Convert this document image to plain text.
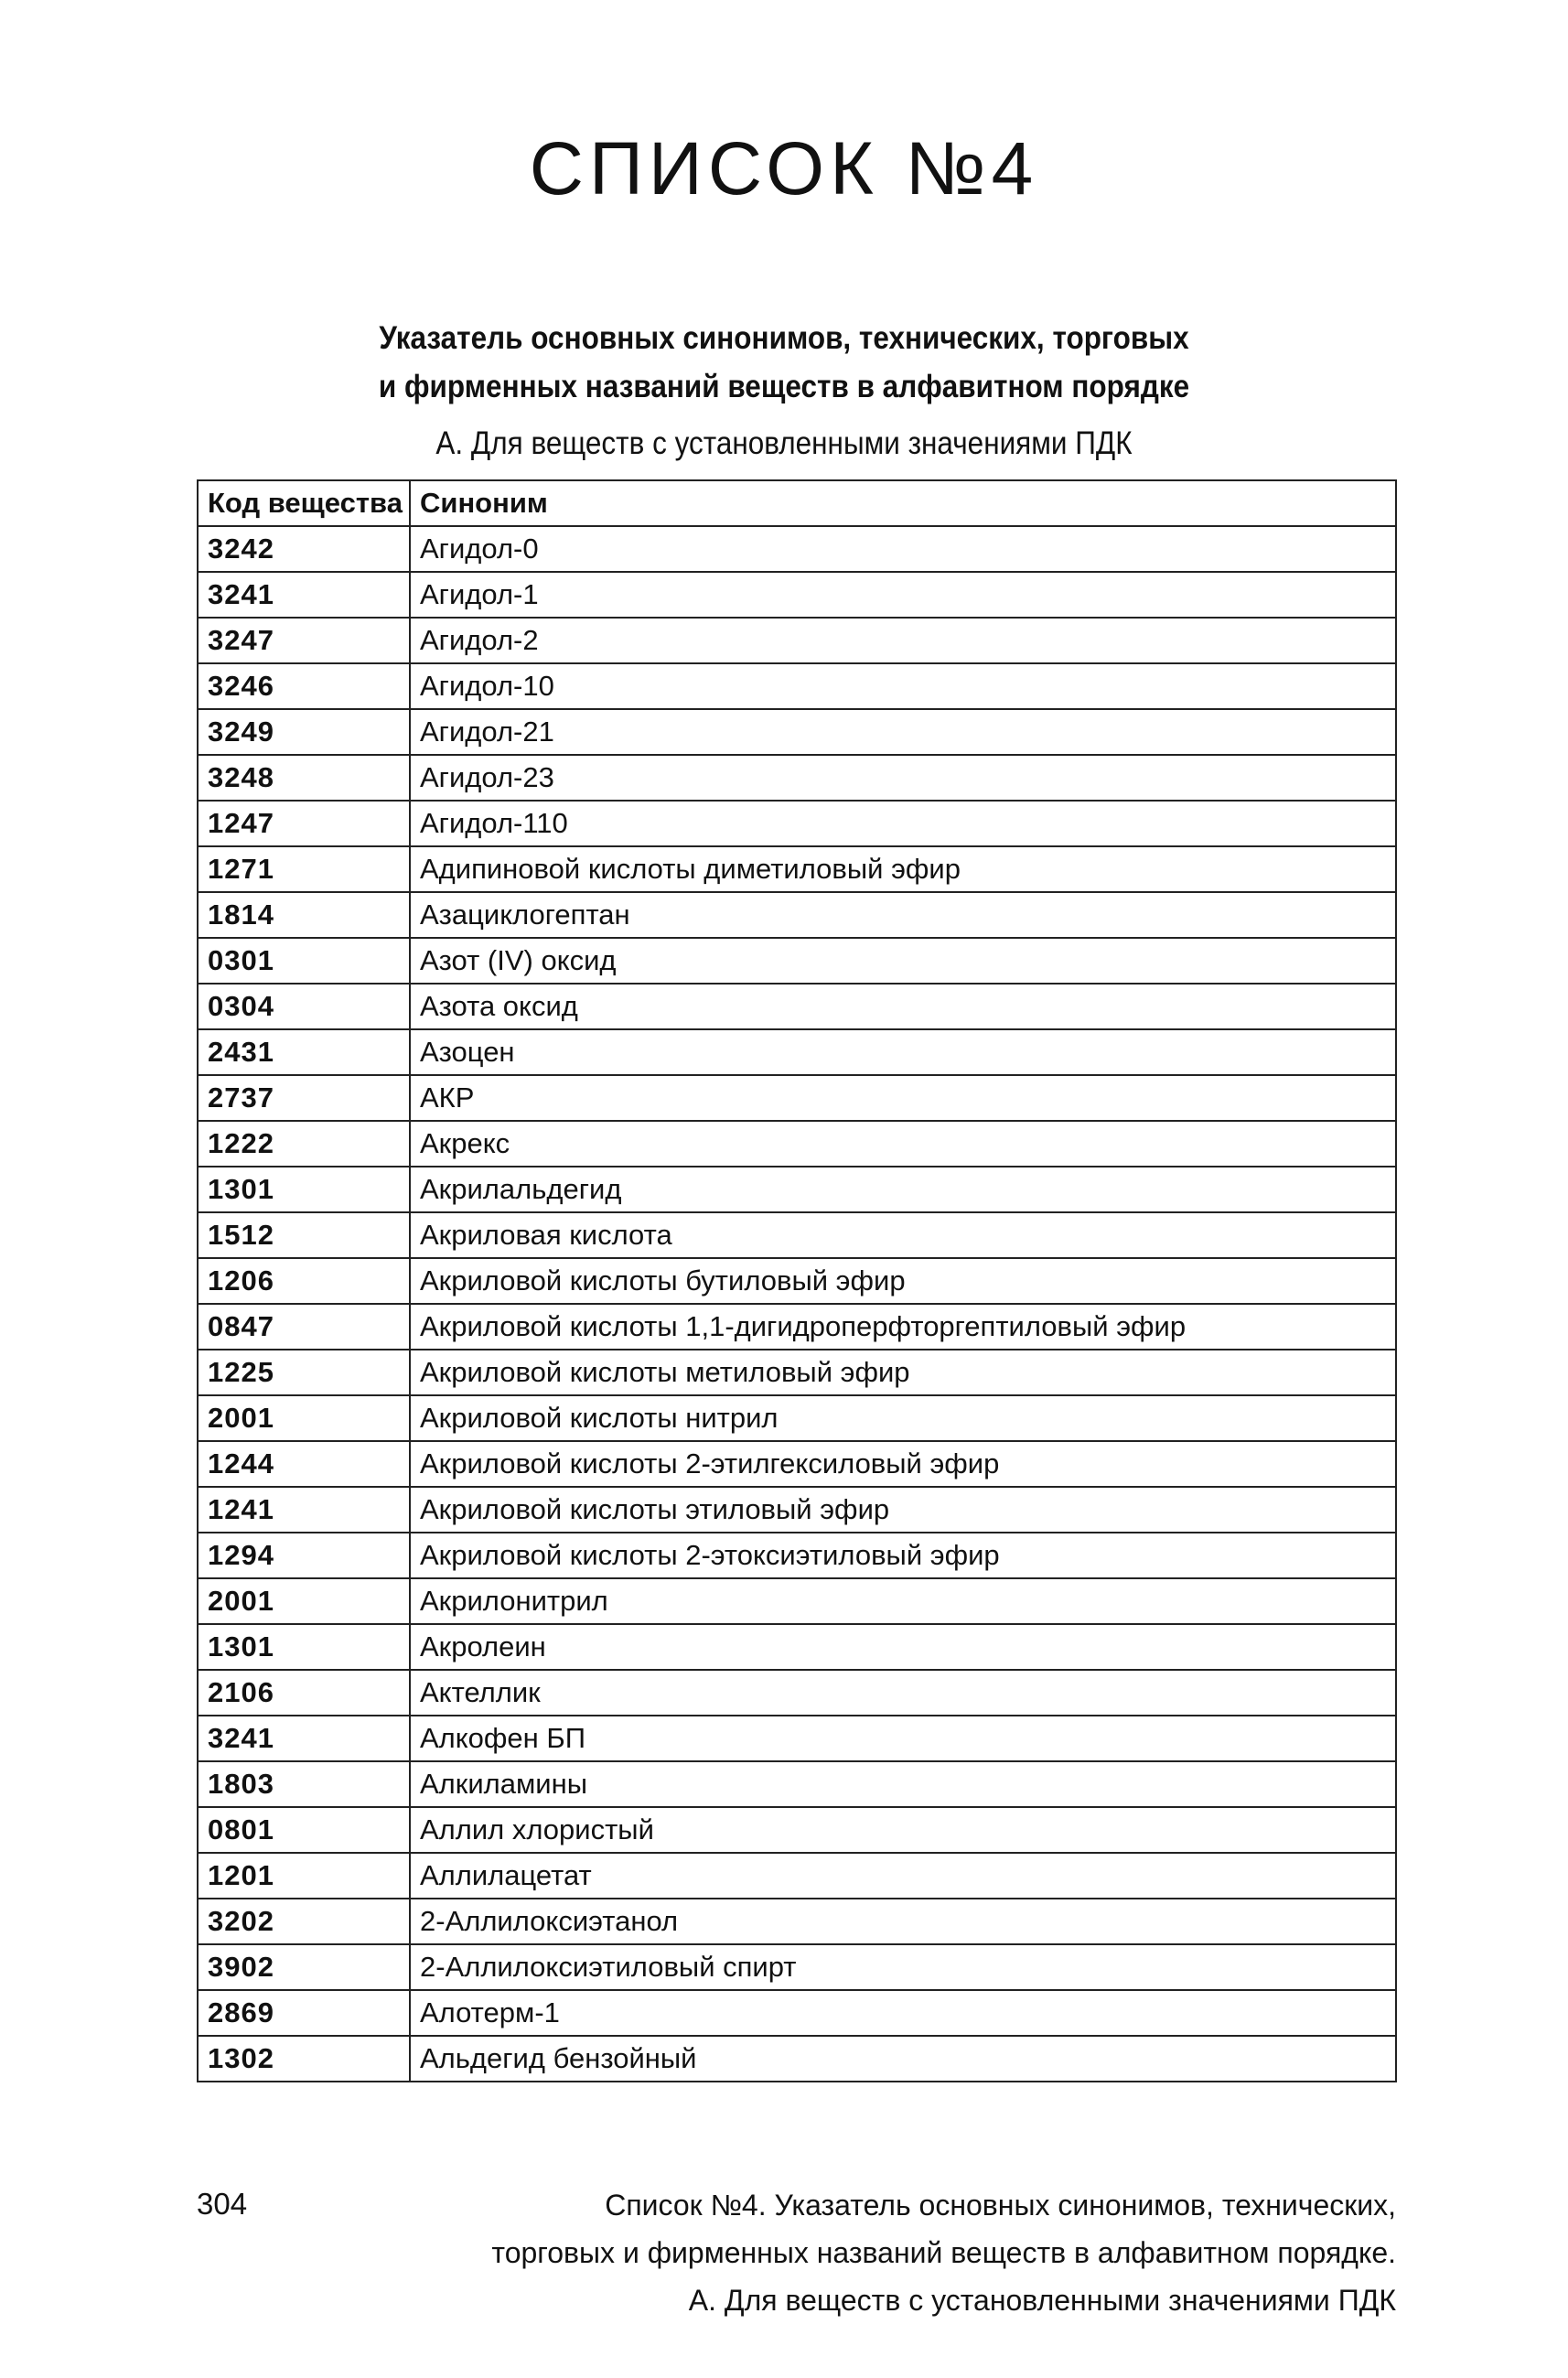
СПИСОК №4
Указатель основных синонимов, технических, торговых
и фирменных названий веществ в алфавитном порядке
А. Для веществ с установленными значениями ПДК
Код вещества	Синоним
3242	Агидол-0
3241	Агидол-1
3247	Агидол-2
3246	Агидол-10
3249	Агидол-21
3248	Агидол-23
1247	Агидол-110
1271	Адипиновой кислоты диметиловый эфир
1814	Азациклогептан
0301	Азот (IV) оксид
0304	Азота оксид
2431	Азоцен
2737	АКР
1222	Акрекс
1301	Акрилальдегид
1512	Акриловая кислота
1206	Акриловой кислоты бутиловый эфир
0847	Акриловой кислоты 1,1-дигидроперфторгептиловый эфир
1225	Акриловой кислоты метиловый эфир
2001	Акриловой кислоты нитрил
1244	Акриловой кислоты 2-этилгексиловый эфир
1241	Акриловой кислоты этиловый эфир
1294	Акриловой кислоты 2-этоксиэтиловый эфир
2001	Акрилонитрил
1301	Акролеин
2106	Актеллик
3241	Алкофен БП
1803	Алкиламины
0801	Аллил хлористый
1201	Аллилацетат
3202	2-Аллилоксиэтанол
3902	2-Аллилоксиэтиловый спирт
2869	Алотерм-1
1302	Альдегид бензойный
304	Список №4. Указатель основных синонимов, технических,
торговых и фирменных названий веществ в алфавитном порядке.
А. Для веществ с установленными значениями ПДК
